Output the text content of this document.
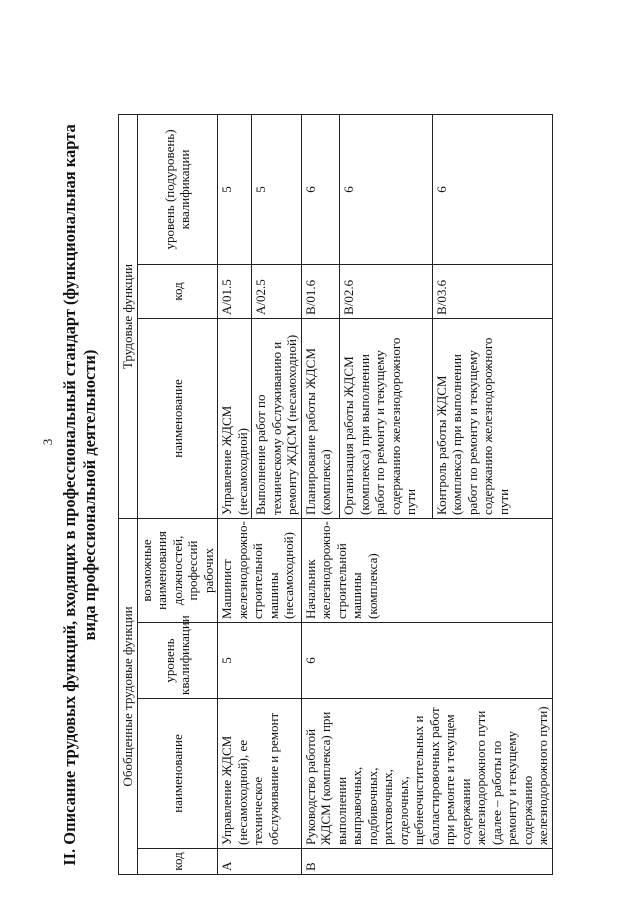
3 II. Описание трудовых функций, входящих в профессиональный стандарт (функциональная карта вида профессиональной деятельности)
Обобщенные трудовые функции				Трудовые функции		
код	наименование	уровень квалификации	возможные наименования должностей, профессий рабочих	наименование	код	уровень (подуровень) квалификации
А	Управление ЖДСМ (несамоходной), ее техническое обслуживание и ремонт	5	Машинист железнодорожно-строительной машины (несамоходной)	Управление ЖДСМ (несамоходной)	A/01.5	5
				Выполнение работ по техническому обслуживанию и ремонту ЖДСМ (несамоходной)	A/02.5	5
В	Руководство работой ЖДСМ (комплекса) при выполнении выправочных, подбивочных, рихтовочных, отделочных, щебнеочистительных и балластировочных работ при ремонте и текущем содержании железнодорожного пути (далее – работы по ремонту и текущему содержанию железнодорожного пути)	6	Начальник железнодорожно-строительной машины (комплекса)	Планирование работы ЖДСМ (комплекса)	B/01.6	6
				Организация работы ЖДСМ (комплекса) при выполнении работ по ремонту и текущему содержанию железнодорожного пути	B/02.6	6
				Контроль работы ЖДСМ (комплекса) при выполнении работ по ремонту и текущему содержанию железнодорожного пути	B/03.6	6
